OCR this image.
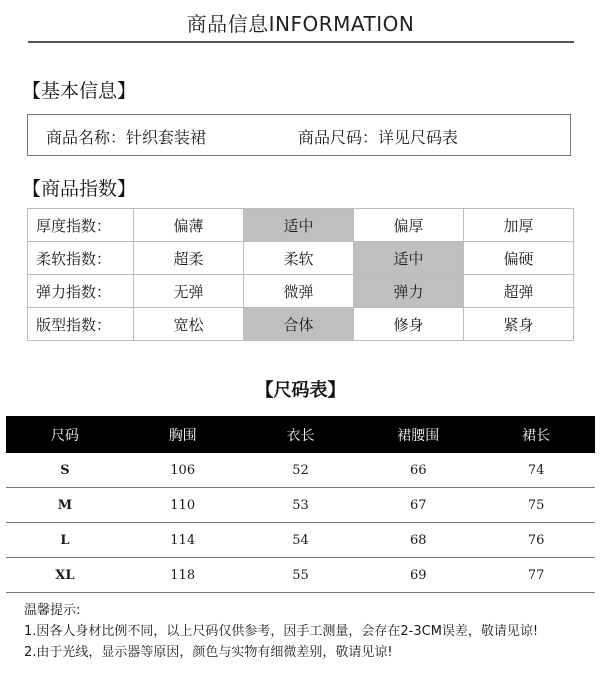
商品信息INFORMATION
【基本信息】
商品名称：针织套装裙	商品尺码：详见尺码表
【商品指数】
厚度指数：	偏薄	适中	偏厚	加厚
柔软指数：	超柔	柔软	适中	偏硬
弹力指数：	无弹	微弹	弹力	超弹
版型指数：	宽松	合体	修身	紧身
【尺码表】
尺码	胸围	衣长	裙腰围	裙长
S	106	52	66	74
M	110	53	67	75
L	114	54	68	76
XL	118	55	69	77
温馨提示:
1.因各人身材比例不同，以上尺码仅供参考，因手工测量，会存在2-3CM误差，敬请见谅!
2.由于光线，显示器等原因，颜色与实物有细微差别，敬请见谅!
